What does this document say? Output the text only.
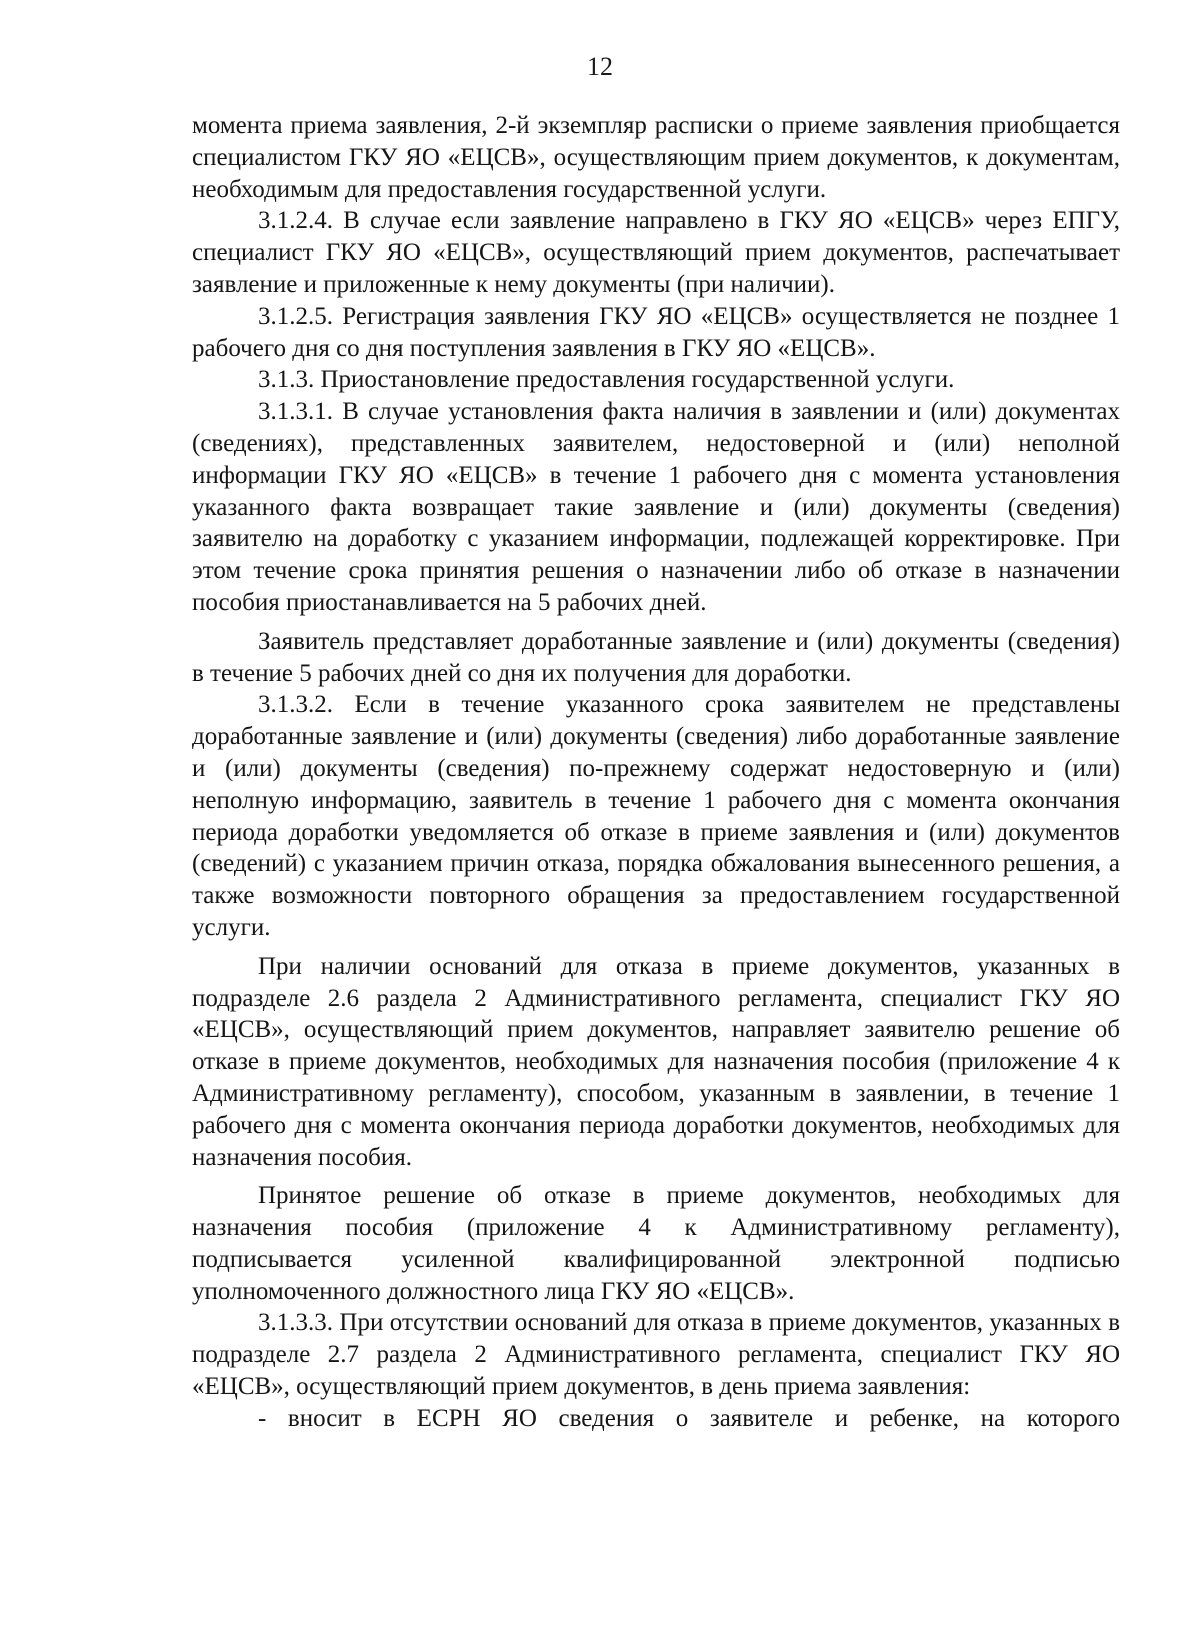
12

момента приема заявления, 2-й экземпляр расписки о приеме заявления приобщается специалистом ГКУ ЯО «ЕЦСВ», осуществляющим прием документов, к документам, необходимым для предоставления государственной услуги.

3.1.2.4. В случае если заявление направлено в ГКУ ЯО «ЕЦСВ» через ЕПГУ, специалист ГКУ ЯО «ЕЦСВ», осуществляющий прием документов, распечатывает заявление и приложенные к нему документы (при наличии).

3.1.2.5. Регистрация заявления ГКУ ЯО «ЕЦСВ» осуществляется не позднее 1 рабочего дня со дня поступления заявления в ГКУ ЯО «ЕЦСВ».

3.1.3. Приостановление предоставления государственной услуги.

3.1.3.1. В случае установления факта наличия в заявлении и (или) документах (сведениях), представленных заявителем, недостоверной и (или) неполной информации ГКУ ЯО «ЕЦСВ» в течение 1 рабочего дня с момента установления указанного факта возвращает такие заявление и (или) документы (сведения) заявителю на доработку с указанием информации, подлежащей корректировке. При этом течение срока принятия решения о назначении либо об отказе в назначении пособия приостанавливается на 5 рабочих дней.

Заявитель представляет доработанные заявление и (или) документы (сведения) в течение 5 рабочих дней со дня их получения для доработки.

3.1.3.2. Если в течение указанного срока заявителем не представлены доработанные заявление и (или) документы (сведения) либо доработанные заявление и (или) документы (сведения) по-прежнему содержат недостоверную и (или) неполную информацию, заявитель в течение 1 рабочего дня с момента окончания периода доработки уведомляется об отказе в приеме заявления и (или) документов (сведений) с указанием причин отказа, порядка обжалования вынесенного решения, а также возможности повторного обращения за предоставлением государственной услуги.

При наличии оснований для отказа в приеме документов, указанных в подразделе 2.6 раздела 2 Административного регламента, специалист ГКУ ЯО «ЕЦСВ», осуществляющий прием документов, направляет заявителю решение об отказе в приеме документов, необходимых для назначения пособия (приложение 4 к Административному регламенту), способом, указанным в заявлении, в течение 1 рабочего дня с момента окончания периода доработки документов, необходимых для назначения пособия.

Принятое решение об отказе в приеме документов, необходимых для назначения пособия (приложение 4 к Административному регламенту), подписывается усиленной квалифицированной электронной подписью уполномоченного должностного лица ГКУ ЯО «ЕЦСВ».

3.1.3.3. При отсутствии оснований для отказа в приеме документов, указанных в подразделе 2.7 раздела 2 Административного регламента, специалист ГКУ ЯО «ЕЦСВ», осуществляющий прием документов, в день приема заявления:

- вносит в ЕСРН ЯО сведения о заявителе и ребенке, на которого
